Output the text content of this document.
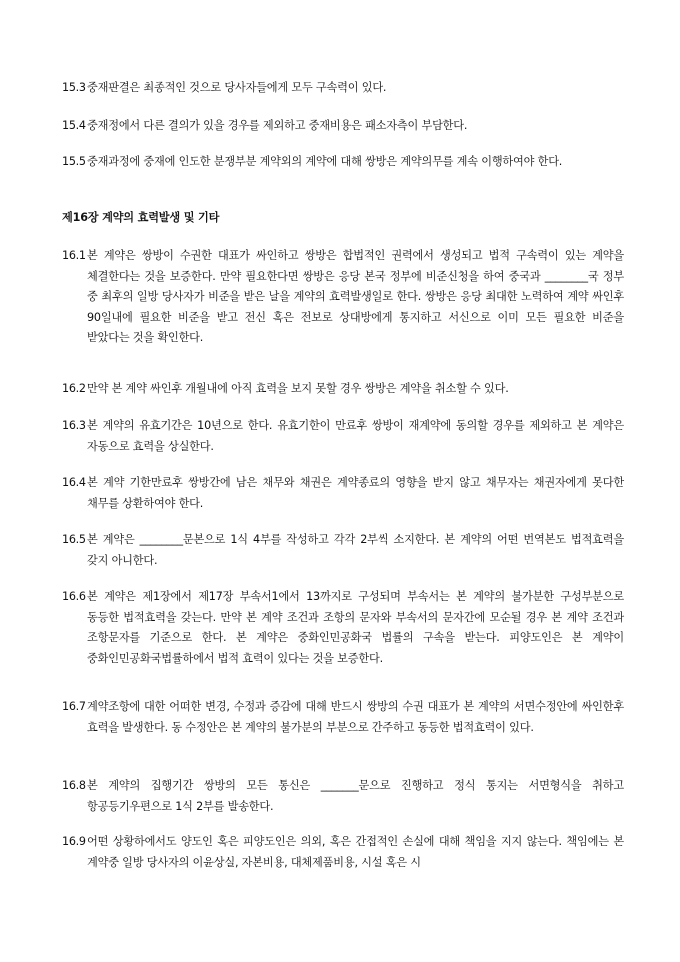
15.3 중재판결은 최종적인 것으로 당사자들에게 모두 구속력이 있다.
15.4 중재정에서 다른 결의가 있을 경우를 제외하고 중재비용은 패소자측이 부담한다.
15.5 중재과정에 중재에 인도한 분쟁부분 계약외의 계약에 대해 쌍방은 계약의무를 계속 이행하여야 한다.
제16장 계약의 효력발생 및 기타
16.1 본 계약은 쌍방이 수권한 대표가 싸인하고 쌍방은 합법적인 권력에서 생성되고 법적 구속력이 있는 계약을 체결한다는 것을 보증한다. 만약 필요한다면 쌍방은 응당 본국 정부에 비준신청을 하여 중국과 ________국 정부 중 최후의 일방 당사자가 비준을 받은 날을 계약의 효력발생일로 한다. 쌍방은 응당 최대한 노력하여 계약 싸인후 90일내에 필요한 비준을 받고 전신 혹은 전보로 상대방에게 통지하고 서신으로 이미 모든 필요한 비준을 받았다는 것을 확인한다.
16.2 만약 본 계약 싸인후 개월내에 아직 효력을 보지 못할 경우 쌍방은 계약을 취소할 수 있다.
16.3 본 계약의 유효기간은 10년으로 한다. 유효기한이 만료후 쌍방이 재계약에 동의할 경우를 제외하고 본 계약은 자동으로 효력을 상실한다.
16.4 본 계약 기한만료후 쌍방간에 남은 채무와 채권은 계약종료의 영향을 받지 않고 채무자는 채권자에게 못다한 채무를 상환하여야 한다.
16.5 본 계약은 ________문본으로 1식 4부를 작성하고 각각 2부씩 소지한다. 본 계약의 어떤 번역본도 법적효력을 갖지 아니한다.
16.6 본 계약은 제1장에서 제17장 부속서1에서 13까지로 구성되며 부속서는 본 계약의 불가분한 구성부분으로 동등한 법적효력을 갖는다. 만약 본 계약 조건과 조항의 문자와 부속서의 문자간에 모순될 경우 본 계약 조건과 조항문자를 기준으로 한다. 본 계약은 중화인민공화국 법률의 구속을 받는다. 피양도인은 본 계약이 중화인민공화국법률하에서 법적 효력이 있다는 것을 보증한다.
16.7 계약조항에 대한 어떠한 변경, 수정과 증감에 대해 반드시 쌍방의 수권 대표가 본 계약의 서면수정안에 싸인한후 효력을 발생한다. 동 수정안은 본 계약의 불가분의 부분으로 간주하고 동등한 법적효력이 있다.
16.8 본 계약의 집행기간 쌍방의 모든 통신은 _______문으로 진행하고 정식 통지는 서면형식을 취하고 항공등기우편으로 1식 2부를 발송한다.
16.9 어떤 상황하에서도 양도인 혹은 피양도인은 의외, 혹은 간접적인 손실에 대해 책임을 지지 않는다. 책임에는 본 계약중 일방 당사자의 이윤상실, 자본비용, 대체제품비용, 시설 혹은 시
